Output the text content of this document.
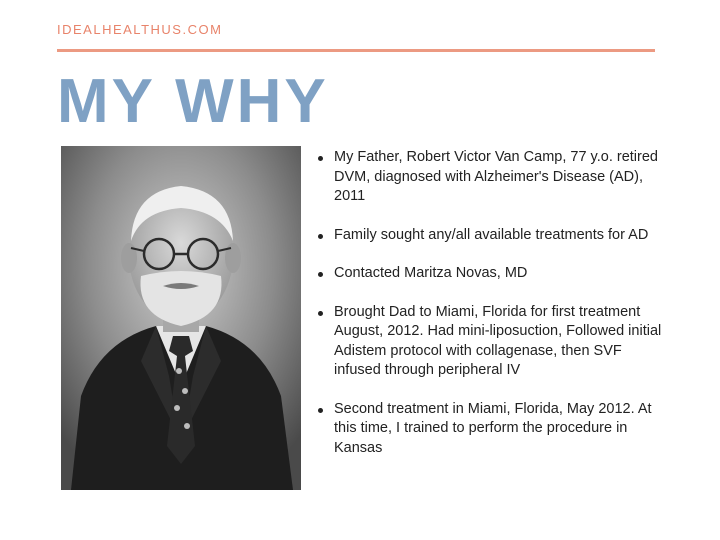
IDEALHEALTHUS.COM
MY WHY
My Father, Robert Victor Van Camp, 77 y.o. retired DVM, diagnosed with Alzheimer's Disease (AD), 2011
Family sought any/all available treatments for AD
Contacted Maritza Novas, MD
Brought Dad to Miami, Florida for first treatment August, 2012. Had mini-liposuction, Followed initial Adistem protocol with collagenase, then SVF infused through peripheral IV
Second treatment in Miami, Florida, May 2012. At this time, I trained to perform the procedure in Kansas
